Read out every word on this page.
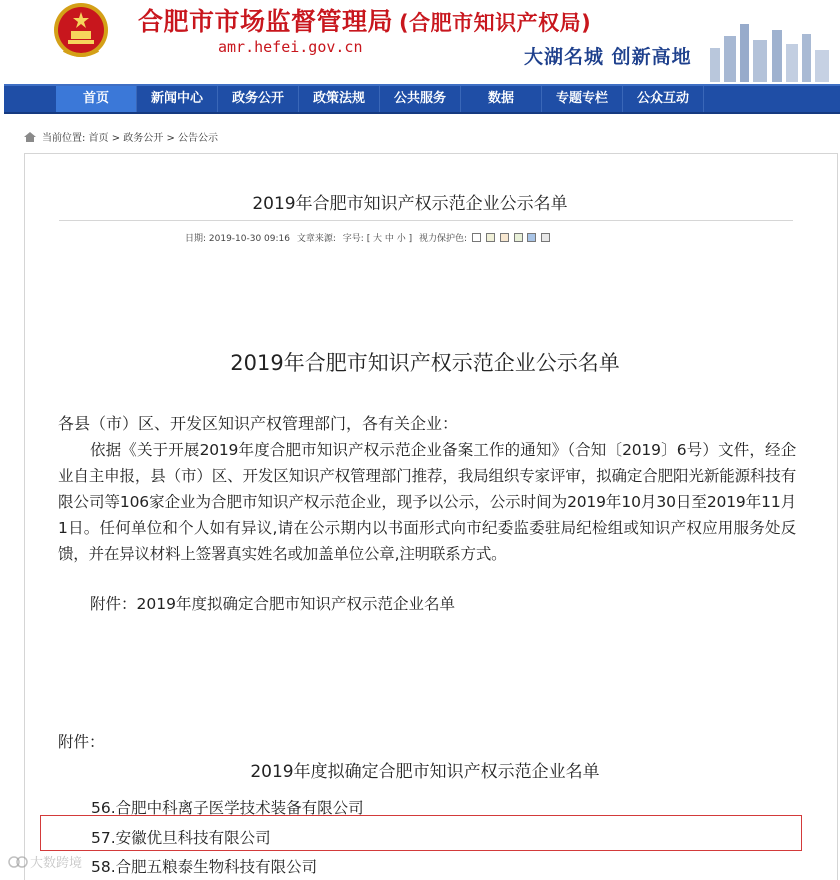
合肥市市场监督管理局 (合肥市知识产权局)
amr.hefei.gov.cn	大湖名城 创新高地
首页	新闻中心	政务公开	政策法规	公共服务	数据	专题专栏	公众互动
当前位置: 首页 > 政务公开 > 公告公示
2019年合肥市知识产权示范企业公示名单
日期: 2019-10-30 09:16 文章来源: 字号: [ 大 中 小 ] 视力保护色:
2019年合肥市知识产权示范企业公示名单
各县（市）区、开发区知识产权管理部门，各有关企业：
依据《关于开展2019年度合肥市知识产权示范企业备案工作的通知》（合知〔2019〕6号）文件，经企业自主申报，县（市）区、开发区知识产权管理部门推荐，我局组织专家评审，拟确定合肥阳光新能源科技有限公司等106家企业为合肥市知识产权示范企业，现予以公示，公示时间为2019年10月30日至2019年11月1日。任何单位和个人如有异议,请在公示期内以书面形式向市纪委监委驻局纪检组或知识产权应用服务处反馈，并在异议材料上签署真实姓名或加盖单位公章,注明联系方式。
附件：2019年度拟确定合肥市知识产权示范企业名单
附件：
2019年度拟确定合肥市知识产权示范企业名单
56.合肥中科离子医学技术装备有限公司
57.安徽优旦科技有限公司
58.合肥五粮泰生物科技有限公司
大数跨境
